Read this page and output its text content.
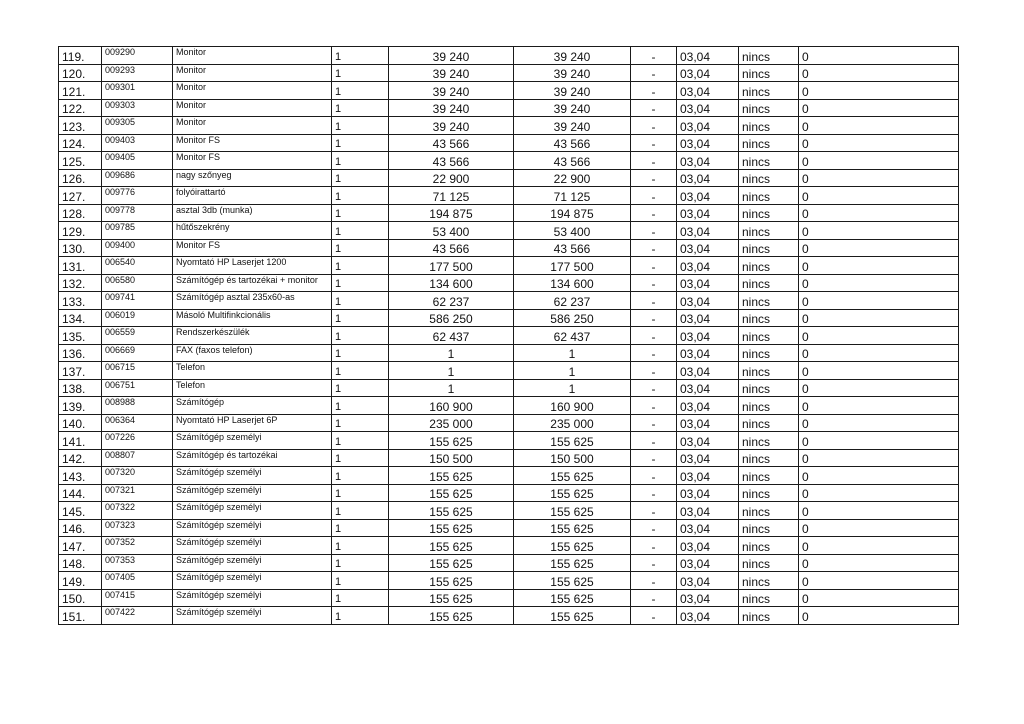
119.	009290	Monitor	1	39 240	39 240	-	03,04	nincs	0
120.	009293	Monitor	1	39 240	39 240	-	03,04	nincs	0
121.	009301	Monitor	1	39 240	39 240	-	03,04	nincs	0
122.	009303	Monitor	1	39 240	39 240	-	03,04	nincs	0
123.	009305	Monitor	1	39 240	39 240	-	03,04	nincs	0
124.	009403	Monitor FS	1	43 566	43 566	-	03,04	nincs	0
125.	009405	Monitor FS	1	43 566	43 566	-	03,04	nincs	0
126.	009686	nagy szőnyeg	1	22 900	22 900	-	03,04	nincs	0
127.	009776	folyóirattartó	1	71 125	71 125	-	03,04	nincs	0
128.	009778	asztal 3db (munka)	1	194 875	194 875	-	03,04	nincs	0
129.	009785	hűtőszekrény	1	53 400	53 400	-	03,04	nincs	0
130.	009400	Monitor FS	1	43 566	43 566	-	03,04	nincs	0
131.	006540	Nyomtató HP Laserjet 1200	1	177 500	177 500	-	03,04	nincs	0
132.	006580	Számítógép és tartozékai + monitor	1	134 600	134 600	-	03,04	nincs	0
133.	009741	Számítógép asztal 235x60-as	1	62 237	62 237	-	03,04	nincs	0
134.	006019	Másoló Multifinkcionális	1	586 250	586 250	-	03,04	nincs	0
135.	006559	Rendszerkészülék	1	62 437	62 437	-	03,04	nincs	0
136.	006669	FAX (faxos telefon)	1	1	1	-	03,04	nincs	0
137.	006715	Telefon	1	1	1	-	03,04	nincs	0
138.	006751	Telefon	1	1	1	-	03,04	nincs	0
139.	008988	Számítógép	1	160 900	160 900	-	03,04	nincs	0
140.	006364	Nyomtató HP Laserjet 6P	1	235 000	235 000	-	03,04	nincs	0
141.	007226	Számítógép személyi	1	155 625	155 625	-	03,04	nincs	0
142.	008807	Számítógép és tartozékai	1	150 500	150 500	-	03,04	nincs	0
143.	007320	Számítógép személyi	1	155 625	155 625	-	03,04	nincs	0
144.	007321	Számítógép személyi	1	155 625	155 625	-	03,04	nincs	0
145.	007322	Számítógép személyi	1	155 625	155 625	-	03,04	nincs	0
146.	007323	Számítógép személyi	1	155 625	155 625	-	03,04	nincs	0
147.	007352	Számítógép személyi	1	155 625	155 625	-	03,04	nincs	0
148.	007353	Számítógép személyi	1	155 625	155 625	-	03,04	nincs	0
149.	007405	Számítógép személyi	1	155 625	155 625	-	03,04	nincs	0
150.	007415	Számítógép személyi	1	155 625	155 625	-	03,04	nincs	0
151.	007422	Számítógép személyi	1	155 625	155 625	-	03,04	nincs	0
